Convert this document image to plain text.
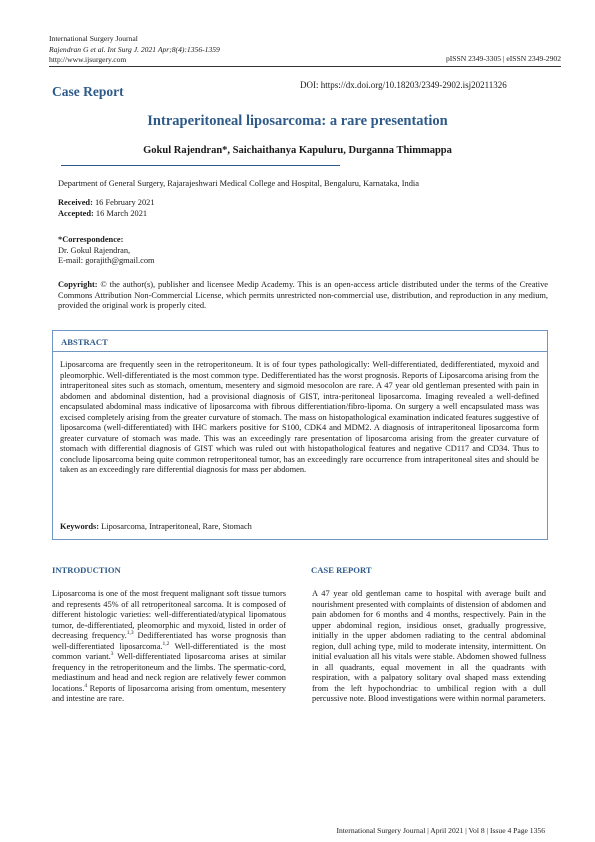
International Surgery Journal
Rajendran G et al. Int Surg J. 2021 Apr;8(4):1356-1359
http://www.ijsurgery.com	pISSN 2349-3305 | eISSN 2349-2902
Case Report	DOI: https://dx.doi.org/10.18203/2349-2902.isj20211326
Intraperitoneal liposarcoma: a rare presentation
Gokul Rajendran*, Saichaithanya Kapuluru, Durganna Thimmappa
Department of General Surgery, Rajarajeshwari Medical College and Hospital, Bengaluru, Karnataka, India
Received: 16 February 2021
Accepted: 16 March 2021
*Correspondence:
Dr. Gokul Rajendran,
E-mail: gorajith@gmail.com
Copyright: © the author(s), publisher and licensee Medip Academy. This is an open-access article distributed under the terms of the Creative Commons Attribution Non-Commercial License, which permits unrestricted non-commercial use, distribution, and reproduction in any medium, provided the original work is properly cited.
ABSTRACT
Liposarcoma are frequently seen in the retroperitoneum. It is of four types pathologically: Well-differentiated, dedifferentiated, myxoid and pleomorphic. Well-differentiated is the most common type. Dedifferentiated has the worst prognosis. Reports of Liposarcoma arising from the intraperitoneal sites such as stomach, omentum, mesentery and sigmoid mesocolon are rare. A 47 year old gentleman presented with pain in abdomen and abdominal distention, had a provisional diagnosis of GIST, intra-peritoneal liposarcoma. Imaging revealed a well-defined encapsulated abdominal mass indicative of liposarcoma with fibrous differentiation/fibro-lipoma. On surgery a well encapsulated mass was excised completely arising from the greater curvature of stomach. The mass on histopathological examination indicated features suggestive of liposarcoma (well-differentiated) with IHC markers positive for S100, CDK4 and MDM2. A diagnosis of intraperitoneal liposarcoma form greater curvature of stomach was made. This was an exceedingly rare presentation of liposarcoma arising from the greater curvature of stomach with differential diagnosis of GIST which was ruled out with histopathological features and negative CD117 and CD34. Thus to conclude liposarcoma being quite common retroperitoneal tumor, has an exceedingly rare occurrence from intraperitoneal sites and should be taken as an exceedingly rare differential diagnosis for mass per abdomen.
Keywords: Liposarcoma, Intraperitoneal, Rare, Stomach
INTRODUCTION	CASE REPORT
Liposarcoma is one of the most frequent malignant soft tissue tumors and represents 45% of all retroperitoneal sarcoma. It is composed of different histologic varieties: well-differentiated/atypical lipomatous tumor, de-differentiated, pleomorphic and myxoid, listed in order of decreasing frequency.$^{1,3}$ Dedifferentiated has worse prognosis than well-differentiated liposarcoma.$^{1,2}$ Well-differentiated is the most common variant.$^3$ Well-differentiated liposarcoma arises at similar frequency in the retroperitoneum and the limbs. The spermatic-cord, mediastinum and head and neck region are relatively fewer common locations.$^4$ Reports of liposarcoma arising from omentum, mesentery and intestine are rare.
A 47 year old gentleman came to hospital with average built and nourishment presented with complaints of distension of abdomen and pain abdomen for 6 months and 4 months, respectively. Pain in the upper abdominal region, insidious onset, gradually progressive, initially in the upper abdomen radiating to the central abdominal region, dull aching type, mild to moderate intensity, intermittent. On initial evaluation all his vitals were stable. Abdomen showed fullness in all quadrants, equal movement in all the quadrants with respiration, with a palpatory solitary oval shaped mass extending from the left hypochondriac to umbilical region with a dull percussive note. Blood investigations were within normal parameters.
International Surgery Journal | April 2021 | Vol 8 | Issue 4 Page 1356
